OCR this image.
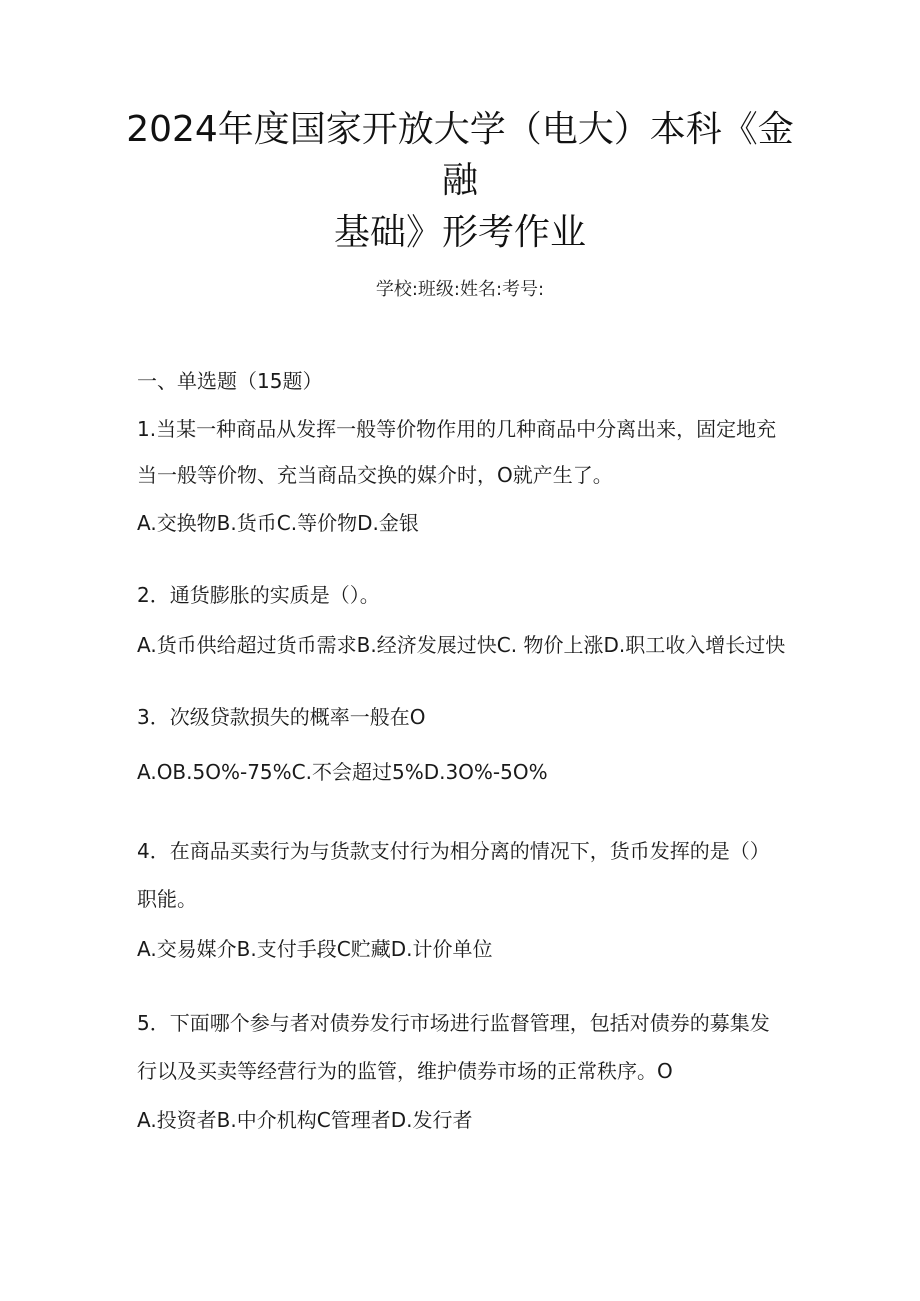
2024年度国家开放大学（电大）本科《金
融
基础》形考作业
学校:班级:姓名:考号:
一、单选题（15题）
1.当某一种商品从发挥一般等价物作用的几种商品中分离出来，固定地充
当一般等价物、充当商品交换的媒介时，O就产生了。
A.交换物B.货币C.等价物D.金银
2．通货膨胀的实质是（）。
A.货币供给超过货币需求B.经济发展过快C. 物价上涨D.职工收入增长过快
3．次级贷款损失的概率一般在O
A.OB.5O%-75%C.不会超过5%D.3O%-5O%
4．在商品买卖行为与货款支付行为相分离的情况下，货币发挥的是（）
职能。
A.交易媒介B.支付手段C贮藏D.计价单位
5．下面哪个参与者对债券发行市场进行监督管理，包括对债券的募集发
行以及买卖等经营行为的监管，维护债券市场的正常秩序。O
A.投资者B.中介机构C管理者D.发行者
